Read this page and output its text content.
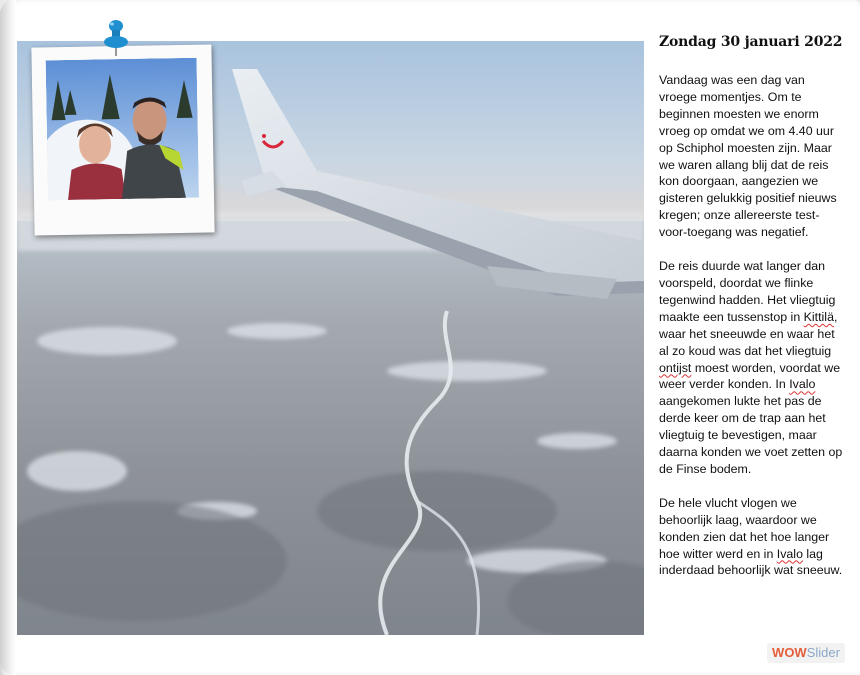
Zondag 30 januari 2022

Vandaag was een dag van vroege momentjes. Om te beginnen moesten we enorm vroeg op omdat we om 4.40 uur op Schiphol moesten zijn. Maar we waren allang blij dat de reis kon doorgaan, aangezien we gisteren gelukkig positief nieuws kregen; onze allereerste test-voor-toegang was negatief.

De reis duurde wat langer dan voorspeld, doordat we flinke tegenwind hadden. Het vliegtuig maakte een tussenstop in Kittilä, waar het sneeuwde en waar het al zo koud was dat het vliegtuig ontijst moest worden, voordat we weer verder konden. In Ivalo aangekomen lukte het pas de derde keer om de trap aan het vliegtuig te bevestigen, maar daarna konden we voet zetten op de Finse bodem.

De hele vlucht vlogen we behoorlijk laag, waardoor we konden zien dat het hoe langer hoe witter werd en in Ivalo lag inderdaad behoorlijk wat sneeuw.

WOWSlider
